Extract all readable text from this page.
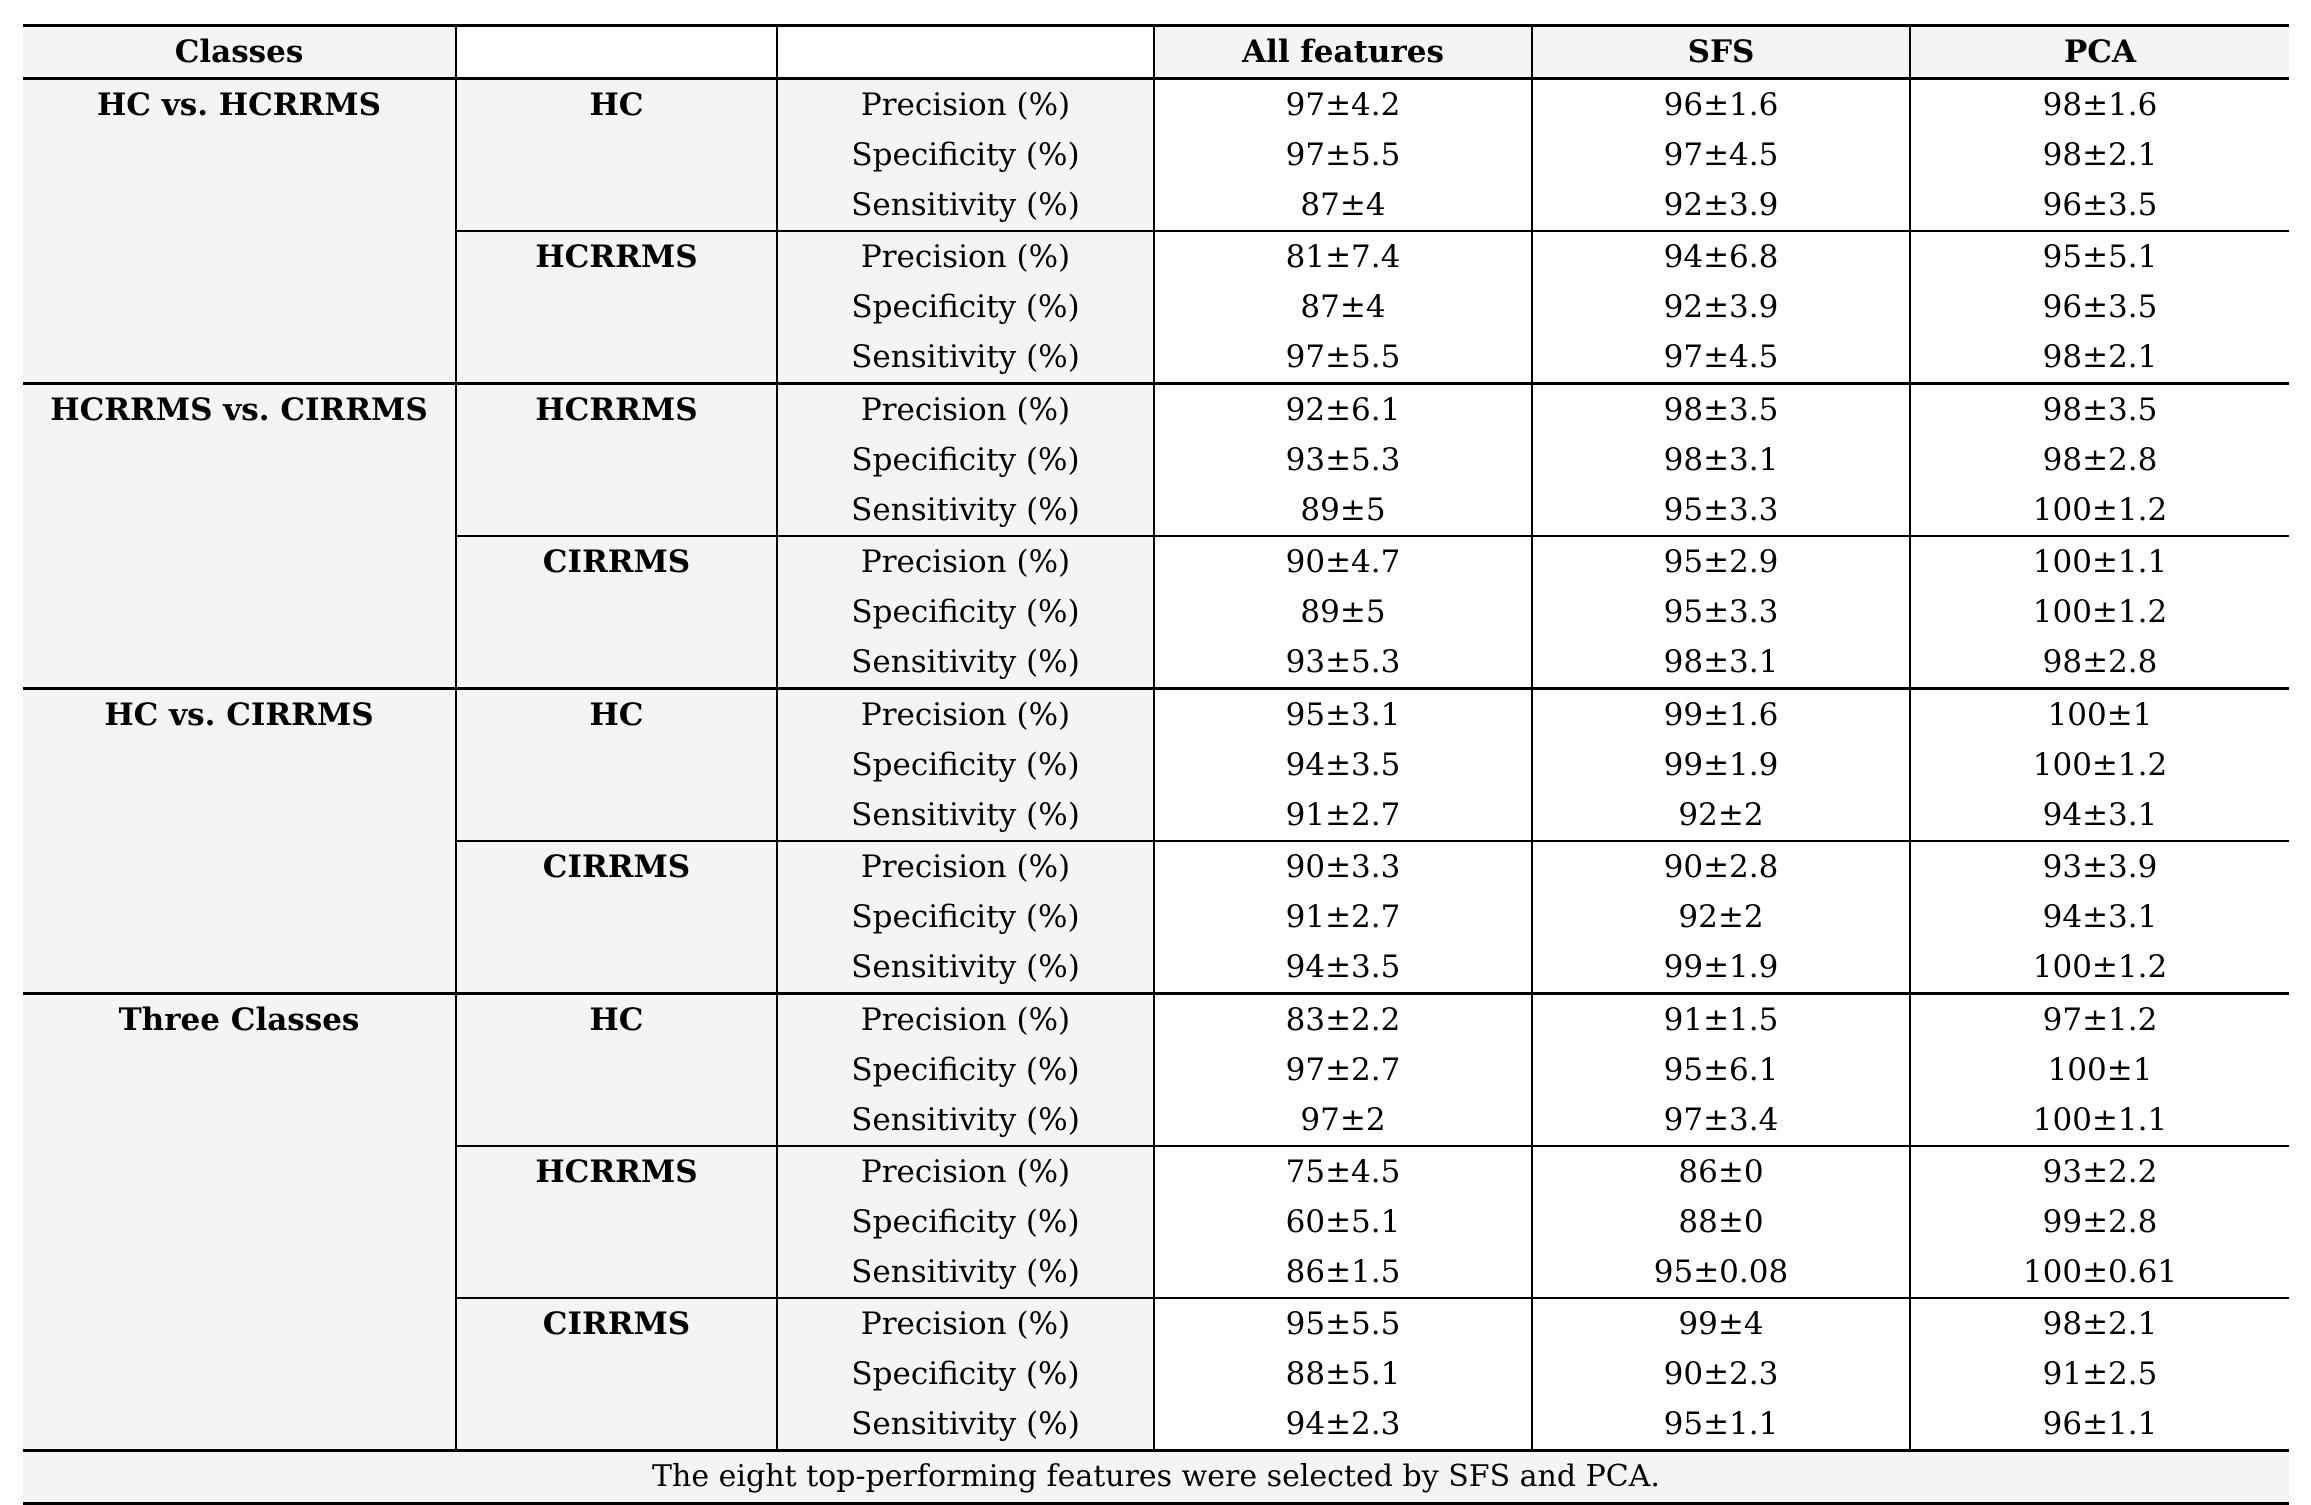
Classes			All features	SFS	PCA
HC vs. HCRRMS	HC	Precision (%)	97±4.2	96±1.6	98±1.6
		Specificity (%)	97±5.5	97±4.5	98±2.1
		Sensitivity (%)	87±4	92±3.9	96±3.5
	HCRRMS	Precision (%)	81±7.4	94±6.8	95±5.1
		Specificity (%)	87±4	92±3.9	96±3.5
		Sensitivity (%)	97±5.5	97±4.5	98±2.1
HCRRMS vs. CIRRMS	HCRRMS	Precision (%)	92±6.1	98±3.5	98±3.5
		Specificity (%)	93±5.3	98±3.1	98±2.8
		Sensitivity (%)	89±5	95±3.3	100±1.2
	CIRRMS	Precision (%)	90±4.7	95±2.9	100±1.1
		Specificity (%)	89±5	95±3.3	100±1.2
		Sensitivity (%)	93±5.3	98±3.1	98±2.8
HC vs. CIRRMS	HC	Precision (%)	95±3.1	99±1.6	100±1
		Specificity (%)	94±3.5	99±1.9	100±1.2
		Sensitivity (%)	91±2.7	92±2	94±3.1
	CIRRMS	Precision (%)	90±3.3	90±2.8	93±3.9
		Specificity (%)	91±2.7	92±2	94±3.1
		Sensitivity (%)	94±3.5	99±1.9	100±1.2
Three Classes	HC	Precision (%)	83±2.2	91±1.5	97±1.2
		Specificity (%)	97±2.7	95±6.1	100±1
		Sensitivity (%)	97±2	97±3.4	100±1.1
	HCRRMS	Precision (%)	75±4.5	86±0	93±2.2
		Specificity (%)	60±5.1	88±0	99±2.8
		Sensitivity (%)	86±1.5	95±0.08	100±0.61
	CIRRMS	Precision (%)	95±5.5	99±4	98±2.1
		Specificity (%)	88±5.1	90±2.3	91±2.5
		Sensitivity (%)	94±2.3	95±1.1	96±1.1
The eight top-performing features were selected by SFS and PCA.					
